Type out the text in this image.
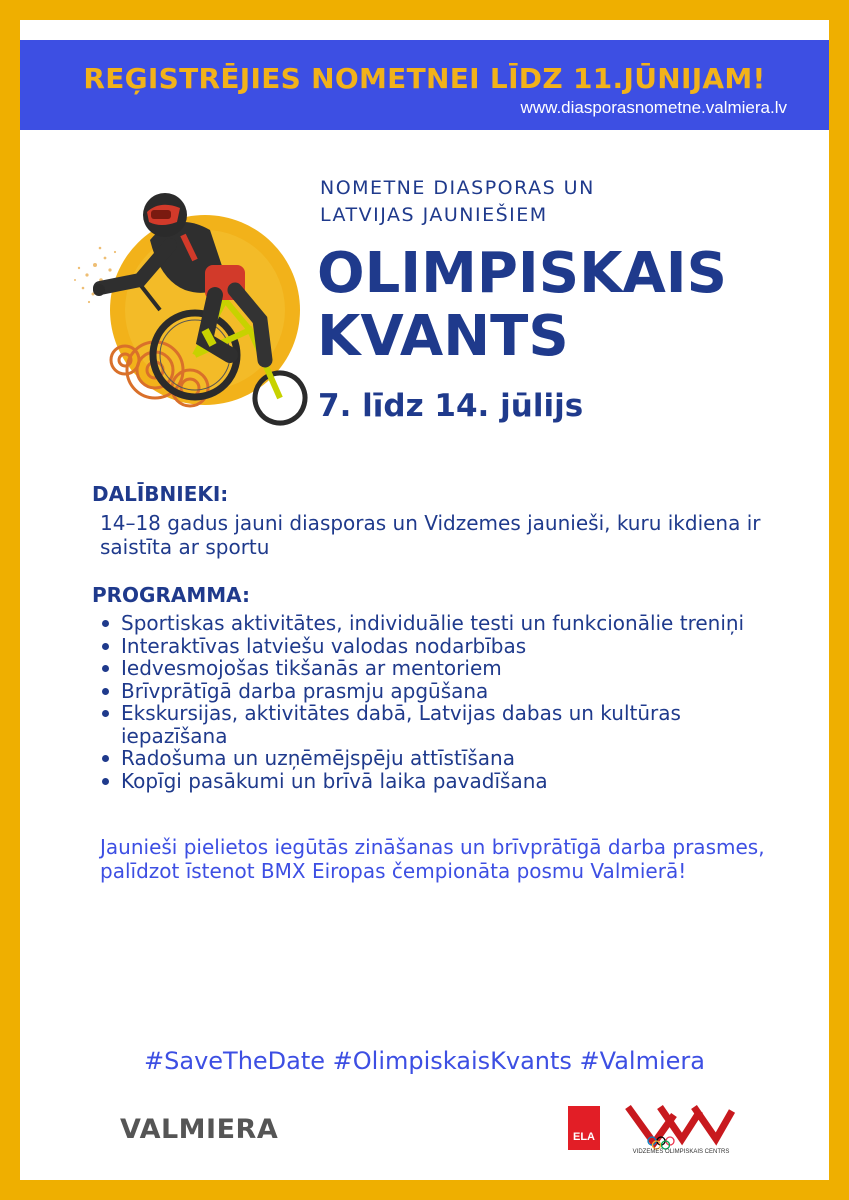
REĢISTRĒJIES NOMETNEI LĪDZ 11.JŪNIJAM!
www.diasporasnometne.valmiera.lv
NOMETNE DIASPORAS UN
LATVIJAS JAUNIEŠIEM
OLIMPISKAIS
KVANTS
7. līdz 14. jūlijs
DALĪBNIEKI:
14–18 gadus jauni diasporas un Vidzemes jaunieši, kuru ikdiena ir saistīta ar sportu
PROGRAMMA:
Sportiskas aktivitātes, individuālie testi un funkcionālie treniņi
Interaktīvas latviešu valodas nodarbības
Iedvesmojošas tikšanās ar mentoriem
Brīvprātīgā darba prasmju apgūšana
Ekskursijas, aktivitātes dabā, Latvijas dabas un kultūras iepazīšana
Radošuma un uzņēmējspēju attīstīšana
Kopīgi pasākumi un brīvā laika pavadīšana
Jaunieši pielietos iegūtās zināšanas un brīvprātīgā darba prasmes, palīdzot īstenot BMX Eiropas čempionāta posmu Valmierā!
#SaveTheDate #OlimpiskaisKvants #Valmiera
VALMIERA	ELA
VIDZEMES OLIMPISKAIS CENTRS
